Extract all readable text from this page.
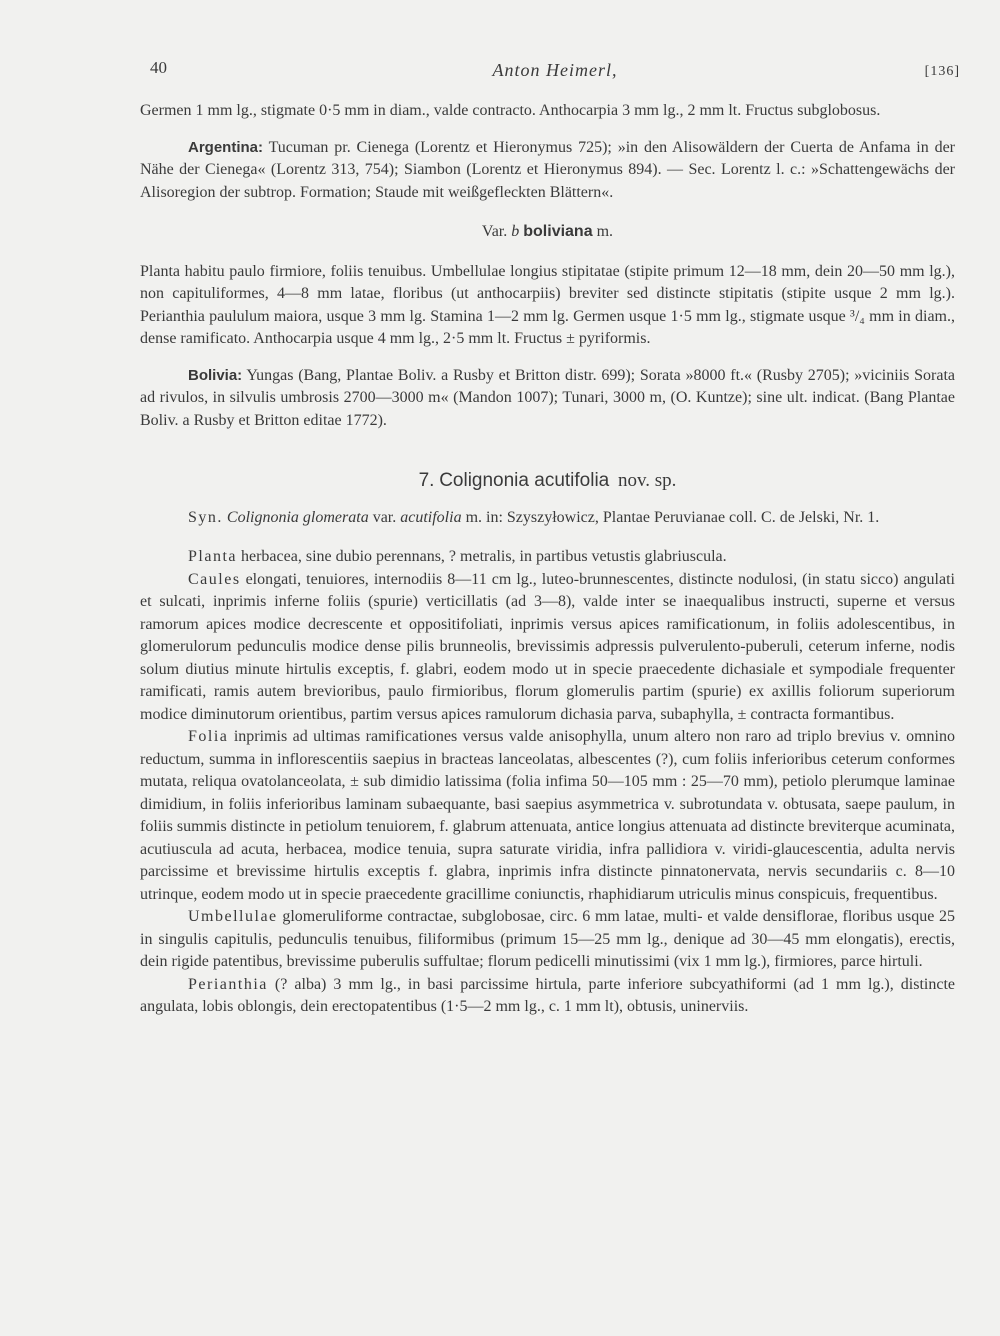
40	Anton Heimerl,	[136]

Germen 1 mm lg., stigmate 0·5 mm in diam., valde contracto. Anthocarpia 3 mm lg., 2 mm lt. Fructus subglobosus.

Argentina: Tucuman pr. Cienega (Lorentz et Hieronymus 725); »in den Alisowäldern der Cuerta de Anfama in der Nähe der Cienega« (Lorentz 313, 754); Siambon (Lorentz et Hieronymus 894). — Sec. Lorentz l. c.: »Schattengewächs der Alisoregion der subtrop. Formation; Staude mit weißgefleckten Blättern«.

Var. b boliviana m.

Planta habitu paulo firmiore, foliis tenuibus. Umbellulae longius stipitatae (stipite primum 12—18 mm, dein 20—50 mm lg.), non capituliformes, 4—8 mm latae, floribus (ut anthocarpiis) breviter sed distincte stipitatis (stipite usque 2 mm lg.). Perianthia paululum maiora, usque 3 mm lg. Stamina 1—2 mm lg. Germen usque 1·5 mm lg., stigmate usque ³/₄ mm in diam., dense ramificato. Anthocarpia usque 4 mm lg., 2·5 mm lt. Fructus ± pyriformis.

Bolivia: Yungas (Bang, Plantae Boliv. a Rusby et Britton distr. 699); Sorata »8000 ft.« (Rusby 2705); »viciniis Sorata ad rivulos, in silvulis umbrosis 2700—3000 m« (Mandon 1007); Tunari, 3000 m, (O. Kuntze); sine ult. indicat. (Bang Plantae Boliv. a Rusby et Britton editae 1772).

7. Colignonia acutifolia nov. sp.

Syn. Colignonia glomerata var. acutifolia m. in: Szyszyłowicz, Plantae Peruvianae coll. C. de Jelski, Nr. 1.

Planta herbacea, sine dubio perennans, ? metralis, in partibus vetustis glabriuscula.

Caules elongati, tenuiores, internodiis 8—11 cm lg., luteo-brunnescentes, distincte nodulosi, (in statu sicco) angulati et sulcati, inprimis inferne foliis (spurie) verticillatis (ad 3—8), valde inter se inaequalibus instructi, superne et versus ramorum apices modice decrescente et oppositifoliati, inprimis versus apices ramificationum, in foliis adolescentibus, in glomerulorum pedunculis modice dense pilis brunneolis, brevissimis adpressis pulverulento-puberuli, ceterum inferne, nodis solum diutius minute hirtulis exceptis, f. glabri, eodem modo ut in specie praecedente dichasiale et sympodiale frequenter ramificati, ramis autem brevioribus, paulo firmioribus, florum glomerulis partim (spurie) ex axillis foliorum superiorum modice diminutorum orientibus, partim versus apices ramulorum dichasia parva, subaphylla, ± contracta formantibus.

Folia inprimis ad ultimas ramificationes versus valde anisophylla, unum altero non raro ad triplo brevius v. omnino reductum, summa in inflorescentiis saepius in bracteas lanceolatas, albescentes (?), cum foliis inferioribus ceterum conformes mutata, reliqua ovatolanceolata, ± sub dimidio latissima (folia infima 50—105 mm : 25—70 mm), petiolo plerumque laminae dimidium, in foliis inferioribus laminam subaequante, basi saepius asymmetrica v. subrotundata v. obtusata, saepe paulum, in foliis summis distincte in petiolum tenuiorem, f. glabrum attenuata, antice longius attenuata ad distincte breviterque acuminata, acutiuscula ad acuta, herbacea, modice tenuia, supra saturate viridia, infra pallidiora v. viridi-glaucescentia, adulta nervis parcissime et brevissime hirtulis exceptis f. glabra, inprimis infra distincte pinnatonervata, nervis secundariis c. 8—10 utrinque, eodem modo ut in specie praecedente gracillime coniunctis, rhaphidiarum utriculis minus conspicuis, frequentibus.

Umbellulae glomeruliforme contractae, subglobosae, circ. 6 mm latae, multi- et valde densiflorae, floribus usque 25 in singulis capitulis, pedunculis tenuibus, filiformibus (primum 15—25 mm lg., denique ad 30—45 mm elongatis), erectis, dein rigide patentibus, brevissime puberulis suffultae; florum pedicelli minutissimi (vix 1 mm lg.), firmiores, parce hirtuli.

Perianthia (? alba) 3 mm lg., in basi parcissime hirtula, parte inferiore subcyathiformi (ad 1 mm lg.), distincte angulata, lobis oblongis, dein erectopatentibus (1·5—2 mm lg., c. 1 mm lt), obtusis, uninerviis.
